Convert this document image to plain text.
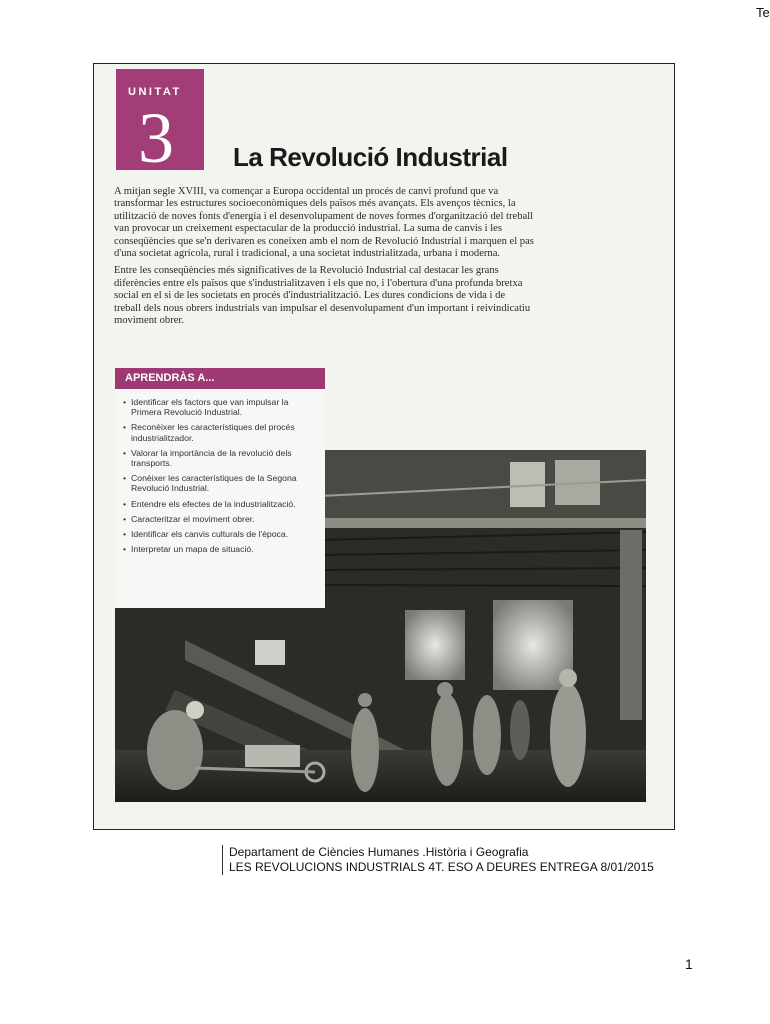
Te
UNITAT
3 La Revolució Industrial

A mitjan segle XVIII, va començar a Europa occidental un procés de canvi profund que va transformar les estructures socioeconòmiques dels països més avançats. Els avenços tècnics, la utilització de noves fonts d'energia i el desenvolupament de noves formes d'organització del treball van provocar un creixement espectacular de la producció industrial. La suma de canvis i les conseqüències que se'n derivaren es coneixen amb el nom de Revolució Industrial i marquen el pas d'una societat agrícola, rural i tradicional, a una societat industrialitzada, urbana i moderna.

Entre les conseqüències més significatives de la Revolució Industrial cal destacar les grans diferències entre els països que s'industrialitzaven i els que no, i l'obertura d'una profunda bretxa social en el si de les societats en procés d'industrialització. Les dures condicions de vida i de treball dels nous obrers industrials van impulsar el desenvolupament d'un important i reivindicatiu moviment obrer.

APRENDRÀS A...
• Identificar els factors que van impulsar la Primera Revolució Industrial.
• Reconèixer les característiques del procés industrialitzador.
• Valorar la importància de la revolució dels transports.
• Conèixer les característiques de la Segona Revolució Industrial.
• Entendre els efectes de la industrialització.
• Caracteritzar el moviment obrer.
• Identificar els canvis culturals de l'època.
• Interpretar un mapa de situació.
Departament de Ciències Humanes .Història i Geografia
LES REVOLUCIONS INDUSTRIALS 4T. ESO A DEURES ENTREGA 8/01/2015
1
